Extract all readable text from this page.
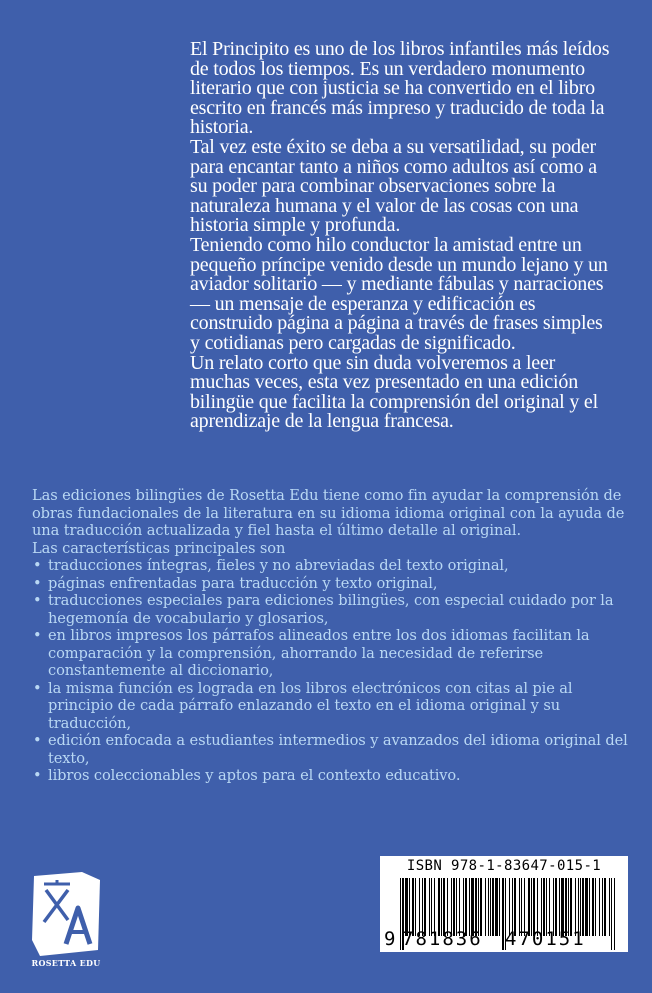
El Principito es uno de los libros infantiles más leídos de todos los tiempos. Es un verdadero monumento literario que con justicia se ha convertido en el libro escrito en francés más impreso y traducido de toda la historia.

Tal vez este éxito se deba a su versatilidad, su poder para encantar tanto a niños como adultos así como a su poder para combinar observaciones sobre la naturaleza humana y el valor de las cosas con una historia simple y profunda.

Teniendo como hilo conductor la amistad entre un pequeño príncipe venido desde un mundo lejano y un aviador solitario — y mediante fábulas y narraciones — un mensaje de esperanza y edificación es construido página a página a través de frases simples y cotidianas pero cargadas de significado.

Un relato corto que sin duda volveremos a leer muchas veces, esta vez presentado en una edición bilingüe que facilita la comprensión del original y el aprendizaje de la lengua francesa.

Las ediciones bilingües de Rosetta Edu tiene como fin ayudar la comprensión de obras fundacionales de la literatura en su idioma idioma original con la ayuda de una traducción actualizada y fiel hasta el último detalle al original.

Las características principales son

• traducciones íntegras, fieles y no abreviadas del texto original,
• páginas enfrentadas para traducción y texto original,
• traducciones especiales para ediciones bilingües, con especial cuidado por la hegemonía de vocabulario y glosarios,
• en libros impresos los párrafos alineados entre los dos idiomas facilitan la comparación y la comprensión, ahorrando la necesidad de referirse constantemente al diccionario,
• la misma función es lograda en los libros electrónicos con citas al pie al principio de cada párrafo enlazando el texto en el idioma original y su traducción,
• edición enfocada a estudiantes intermedios y avanzados del idioma original del texto,
• libros coleccionables y aptos para el contexto educativo.
ROSETTA EDU
ISBN 978-1-83647-015-1
9 781836 470151
